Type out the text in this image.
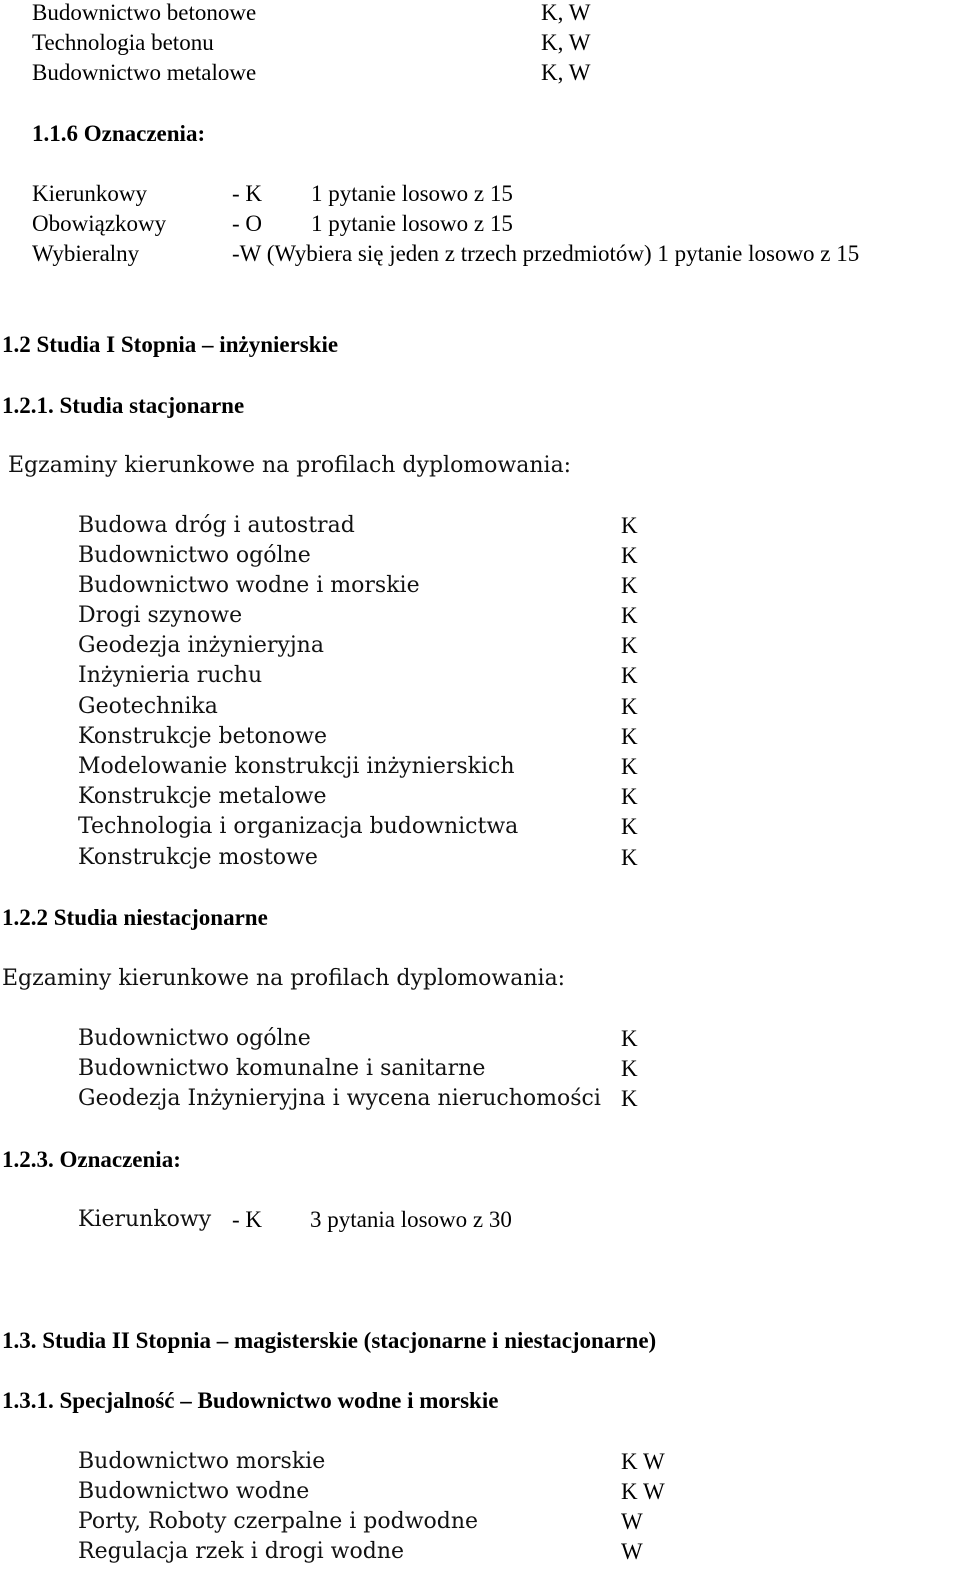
Budownictwo betonowe	K, W
Technologia betonu	K, W
Budownictwo metalowe	K, W
1.1.6 Oznaczenia:
Kierunkowy	- K 1 pytanie losowo z 15
Obowiązkowy	- O 1 pytanie losowo z 15
Wybieralny	-W (Wybiera się jeden z trzech przedmiotów) 1 pytanie losowo z 15
1.2 Studia I Stopnia – inżynierskie
1.2.1. Studia stacjonarne
Egzaminy kierunkowe na profilach dyplomowania:
Budowa dróg i autostrad	K
Budownictwo ogólne	K
Budownictwo wodne i morskie	K
Drogi szynowe	K
Geodezja inżynieryjna	K
Inżynieria ruchu	K
Geotechnika	K
Konstrukcje betonowe	K
Modelowanie konstrukcji inżynierskich	K
Konstrukcje metalowe	K
Technologia i organizacja budownictwa	K
Konstrukcje mostowe	K
1.2.2 Studia niestacjonarne
Egzaminy kierunkowe na profilach dyplomowania:
Budownictwo ogólne	K
Budownictwo komunalne i sanitarne	K
Geodezja Inżynieryjna i wycena nieruchomości K
1.2.3. Oznaczenia:
Kierunkowy - K 3 pytania losowo z 30
1.3. Studia II Stopnia – magisterskie (stacjonarne i niestacjonarne)
1.3.1. Specjalność – Budownictwo wodne i morskie
Budownictwo morskie	K W
Budownictwo wodne	K W
Porty, Roboty czerpalne i podwodne	W
Regulacja rzek i drogi wodne	W
